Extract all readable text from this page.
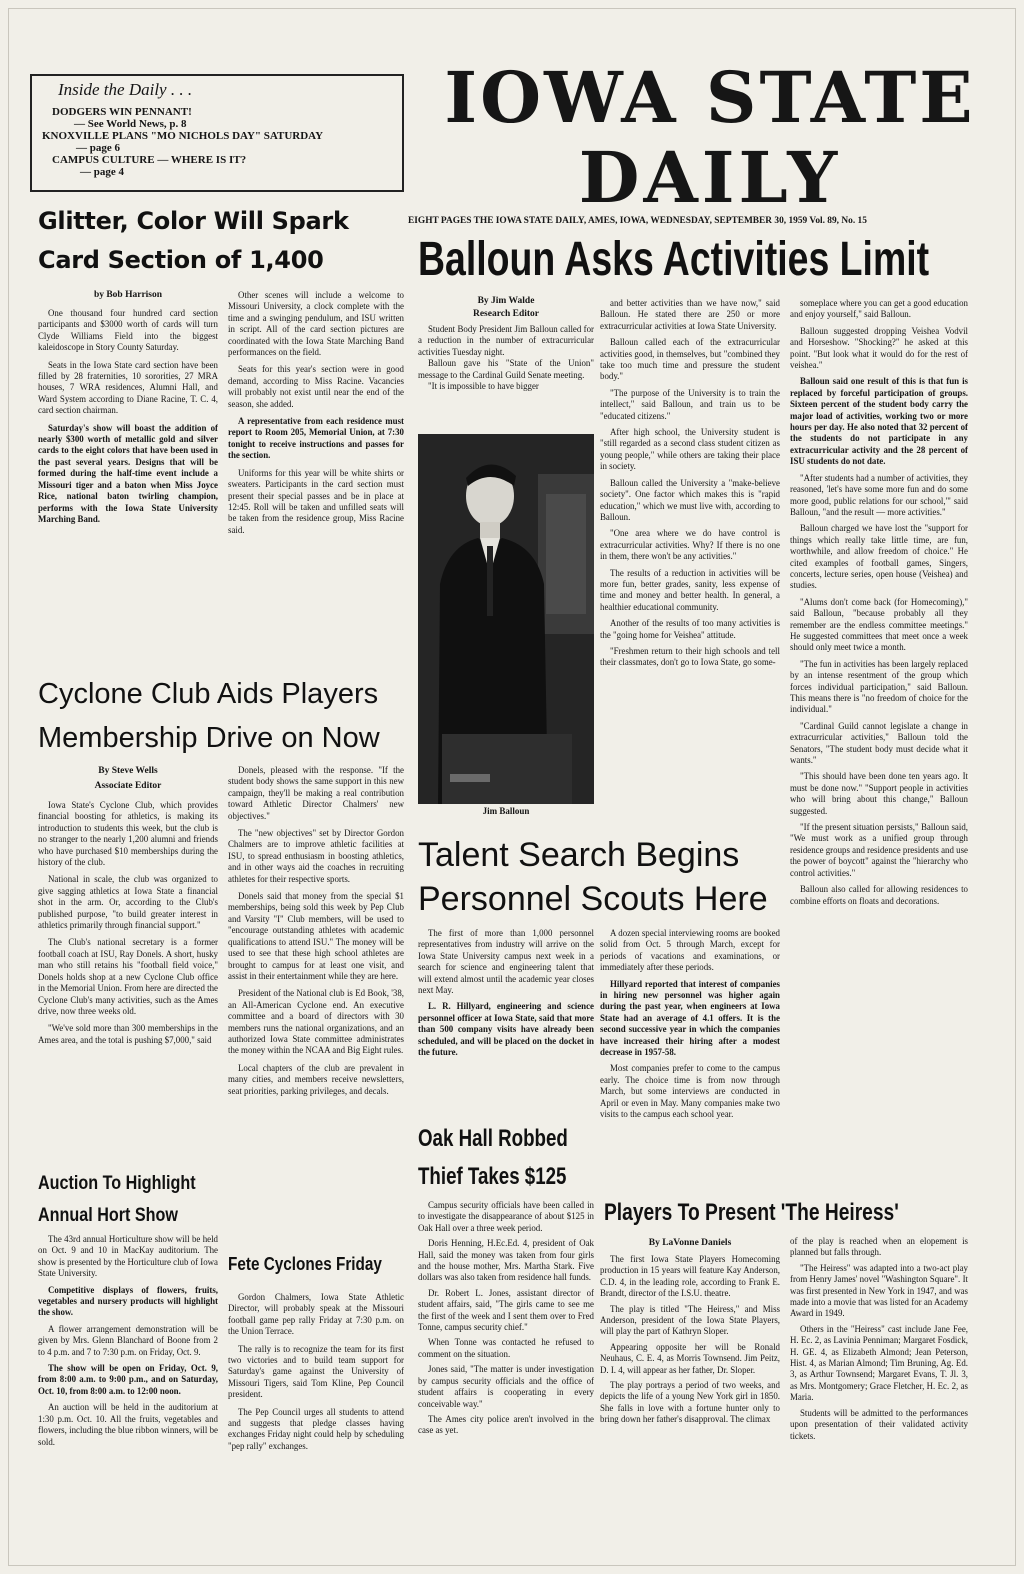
Inside the Daily . . .
DODGERS WIN PENNANT!
— See World News, p. 8
KNOXVILLE PLANS "MO NICHOLS DAY" SATURDAY
— page 6
CAMPUS CULTURE — WHERE IS IT?
— page 4
IOWA STATE
DAILY
EIGHT PAGES THE IOWA STATE DAILY, AMES, IOWA, WEDNESDAY, SEPTEMBER 30, 1959 Vol. 89, No. 15
Glitter, Color Will Spark
Card Section of 1,400
by Bob Harrison

One thousand four hundred card section participants and $3000 worth of cards will turn Clyde Williams Field into the biggest kaleidoscope in Story County Saturday.

Seats in the Iowa State card section have been filled by 28 fraternities, 10 sororities, 27 MRA houses, 7 WRA residences, Alumni Hall, and Ward System according to Diane Racine, T. C. 4, card section chairman.

Saturday's show will boast the addition of nearly $300 worth of metallic gold and silver cards to the eight colors that have been used in the past several years. Designs that will be formed during the half-time event include a Missouri tiger and a baton when Miss Joyce Rice, national baton twirling champion, performs with the Iowa State University Marching Band.

Other scenes will include a welcome to Missouri University, a clock complete with the time and a swinging pendulum, and ISU written in script. All of the card section pictures are coordinated with the Iowa State Marching Band performances on the field.

Seats for this year's section were in good demand, according to Miss Racine. Vacancies will probably not exist until near the end of the season, she added.

A representative from each residence must report to Room 205, Memorial Union, at 7:30 tonight to receive instructions and passes for the section.

Uniforms for this year will be white shirts or sweaters. Participants in the card section must present their special passes and be in place at 12:45. Roll will be taken and unfilled seats will be taken from the residence group, Miss Racine said.

Cyclone Club Aids Players
Membership Drive on Now
By Steve Wells
Associate Editor

Iowa State's Cyclone Club, which provides financial boosting for athletics, is making its introduction to students this week, but the club is no stranger to the nearly 1,200 alumni and friends who have purchased $10 memberships during the history of the club.

National in scale, the club was organized to give sagging athletics at Iowa State a financial shot in the arm. Or, according to the Club's published purpose, "to build greater interest in athletics primarily through financial support."

The Club's national secretary is a former football coach at ISU, Ray Donels. A short, husky man who still retains his "football field voice," Donels holds shop at a new Cyclone Club office in the Memorial Union. From here are directed the Cyclone Club's many activities, such as the Ames drive, now three weeks old.

"We've sold more than 300 memberships in the Ames area, and the total is pushing $7,000," said

Donels, pleased with the response. "If the student body shows the same support in this new campaign, they'll be making a real contribution toward Athletic Director Chalmers' new objectives."

The "new objectives" set by Director Gordon Chalmers are to improve athletic facilities at ISU, to spread enthusiasm in boosting athletics, and in other ways aid the coaches in recruiting athletes for their respective sports.

Donels said that money from the special $1 memberships, being sold this week by Pep Club and Varsity "I" Club members, will be used to "encourage outstanding athletes with academic qualifications to attend ISU." The money will be used to see that these high school athletes are brought to campus for at least one visit, and assist in their entertainment while they are here.

President of the National club is Ed Book, '38, an All-American Cyclone end. An executive committee and a board of directors with 30 members runs the national organizations, and an authorized Iowa State committee administrates the money within the NCAA and Big Eight rules.

Local chapters of the club are prevalent in many cities, and members receive newsletters, seat priorities, parking privileges, and decals.

Auction To Highlight
Annual Hort Show

The 43rd annual Horticulture show will be held on Oct. 9 and 10 in MacKay auditorium. The show is presented by the Horticulture club of Iowa State University.

Competitive displays of flowers, fruits, vegetables and nursery products will highlight the show.

A flower arrangement demonstration will be given by Mrs. Glenn Blanchard of Boone from 2 to 4 p.m. and 7 to 7:30 p.m. on Friday, Oct. 9.

The show will be open on Friday, Oct. 9, from 8:00 a.m. to 9:00 p.m., and on Saturday, Oct. 10, from 8:00 a.m. to 12:00 noon.

An auction will be held in the auditorium at 1:30 p.m. Oct. 10. All the fruits, vegetables and flowers, including the blue ribbon winners, will be sold.

Fete Cyclones Friday

Gordon Chalmers, Iowa State Athletic Director, will probably speak at the Missouri football game pep rally Friday at 7:30 p.m. on the Union Terrace.

The rally is to recognize the team for its first two victories and to build team support for Saturday's game against the University of Missouri Tigers, said Tom Kline, Pep Council president.

The Pep Council urges all students to attend and suggests that pledge classes having exchanges Friday night could help by scheduling "pep rally" exchanges.

Balloun Asks Activities Limit
By Jim Walde
Research Editor

Student Body President Jim Balloun called for a reduction in the number of extracurricular activities Tuesday night.

Balloun gave his "State of the Union" message to the Cardinal Guild Senate meeting.

"It is impossible to have bigger

Jim Balloun

and better activities than we have now," said Balloun. He stated there are 250 or more extracurricular activities at Iowa State University.

Balloun called each of the extracurricular activities good, in themselves, but "combined they take too much time and pressure the student body."

"The purpose of the University is to train the intellect," said Balloun, and train us to be "educated citizens."

After high school, the University student is "still regarded as a second class student citizen as young people," while others are taking their place in society.

Balloun called the University a "make-believe society". One factor which makes this is "rapid education," which we must live with, according to Balloun.

"One area where we do have control is extracurricular activities. Why? If there is no one in them, there won't be any activities."

The results of a reduction in activities will be more fun, better grades, sanity, less expense of time and money and better health. In general, a healthier educational community.

Another of the results of too many activities is the "going home for Veishea" attitude.

"Freshmen return to their high schools and tell their classmates, don't go to Iowa State, go some-

someplace where you can get a good education and enjoy yourself," said Balloun.

Balloun suggested dropping Veishea Vodvil and Horseshow. "Shocking?" he asked at this point. "But look what it would do for the rest of veishea."

Balloun said one result of this is that fun is replaced by forceful participation of groups. Sixteen percent of the student body carry the major load of activities, working two or more hours per day. He also noted that 32 percent of the students do not participate in any extracurricular activity and the 28 percent of ISU students do not date.

"After students had a number of activities, they reasoned, 'let's have some more fun and do some more good, public relations for our school,'" said Balloun, "and the result — more activities."

Balloun charged we have lost the "support for things which really take little time, are fun, worthwhile, and allow freedom of choice." He cited examples of football games, Singers, concerts, lecture series, open house (Veishea) and studies.

"Alums don't come back (for Homecoming)," said Balloun, "because probably all they remember are the endless committee meetings." He suggested committees that meet once a week should only meet twice a month.

"The fun in activities has been largely replaced by an intense resentment of the group which forces individual participation," said Balloun. This means there is "no freedom of choice for the individual."

"Cardinal Guild cannot legislate a change in extracurricular activities," Balloun told the Senators, "The student body must decide what it wants."

"This should have been done ten years ago. It must be done now." "Support people in activities who will bring about this change," Balloun suggested.

"If the present situation persists," Balloun said, "We must work as a unified group through residence groups and residence presidents and use the power of boycott" against the "hierarchy who control activities."

Balloun also called for allowing residences to combine efforts on floats and decorations.

Talent Search Begins
Personnel Scouts Here

The first of more than 1,000 personnel representatives from industry will arrive on the Iowa State University campus next week in a search for science and engineering talent that will extend almost until the academic year closes next May.

L. R. Hillyard, engineering and science personnel officer at Iowa State, said that more than 500 company visits have already been scheduled, and will be placed on the docket in the future.

A dozen special interviewing rooms are booked solid from Oct. 5 through March, except for periods of vacations and examinations, or immediately after these periods.

Hillyard reported that interest of companies in hiring new personnel was higher again during the past year, when engineers at Iowa State had an average of 4.1 offers. It is the second successive year in which the companies have increased their hiring after a modest decrease in 1957-58.

Most companies prefer to come to the campus early. The choice time is from now through March, but some interviews are conducted in April or even in May. Many companies make two visits to the campus each school year.

Oak Hall Robbed
Thief Takes $125

Campus security officials have been called in to investigate the disappearance of about $125 in Oak Hall over a three week period.

Doris Henning, H.Ec.Ed. 4, president of Oak Hall, said the money was taken from four girls and the house mother, Mrs. Martha Stark. Five dollars was also taken from residence hall funds.

Dr. Robert L. Jones, assistant director of student affairs, said, "The girls came to see me the first of the week and I sent them over to Fred Tonne, campus security chief."

When Tonne was contacted he refused to comment on the situation.

Jones said, "The matter is under investigation by campus security officials and the office of student affairs is cooperating in every conceivable way."

The Ames city police aren't involved in the case as yet.

Players To Present 'The Heiress'
By LaVonne Daniels

The first Iowa State Players Homecoming production in 15 years will feature Kay Anderson, C.D. 4, in the leading role, according to Frank E. Brandt, director of the I.S.U. theatre.

The play is titled "The Heiress," and Miss Anderson, president of the Iowa State Players, will play the part of Kathryn Sloper.

Appearing opposite her will be Ronald Neuhaus, C. E. 4, as Morris Townsend. Jim Peitz, D. I. 4, will appear as her father, Dr. Sloper.

The play portrays a period of two weeks, and depicts the life of a young New York girl in 1850. She falls in love with a fortune hunter only to bring down her father's disapproval. The climax

of the play is reached when an elopement is planned but falls through.

"The Heiress" was adapted into a two-act play from Henry James' novel "Washington Square". It was first presented in New York in 1947, and was made into a movie that was listed for an Academy Award in 1949.

Others in the "Heiress" cast include Jane Fee, H. Ec. 2, as Lavinia Penniman; Margaret Fosdick, H. GE. 4, as Elizabeth Almond; Jean Peterson, Hist. 4, as Marian Almond; Tim Bruning, Ag. Ed. 3, as Arthur Townsend; Margaret Evans, T. Jl. 3, as Mrs. Montgomery; Grace Fletcher, H. Ec. 2, as Maria.

Students will be admitted to the performances upon presentation of their validated activity tickets.
